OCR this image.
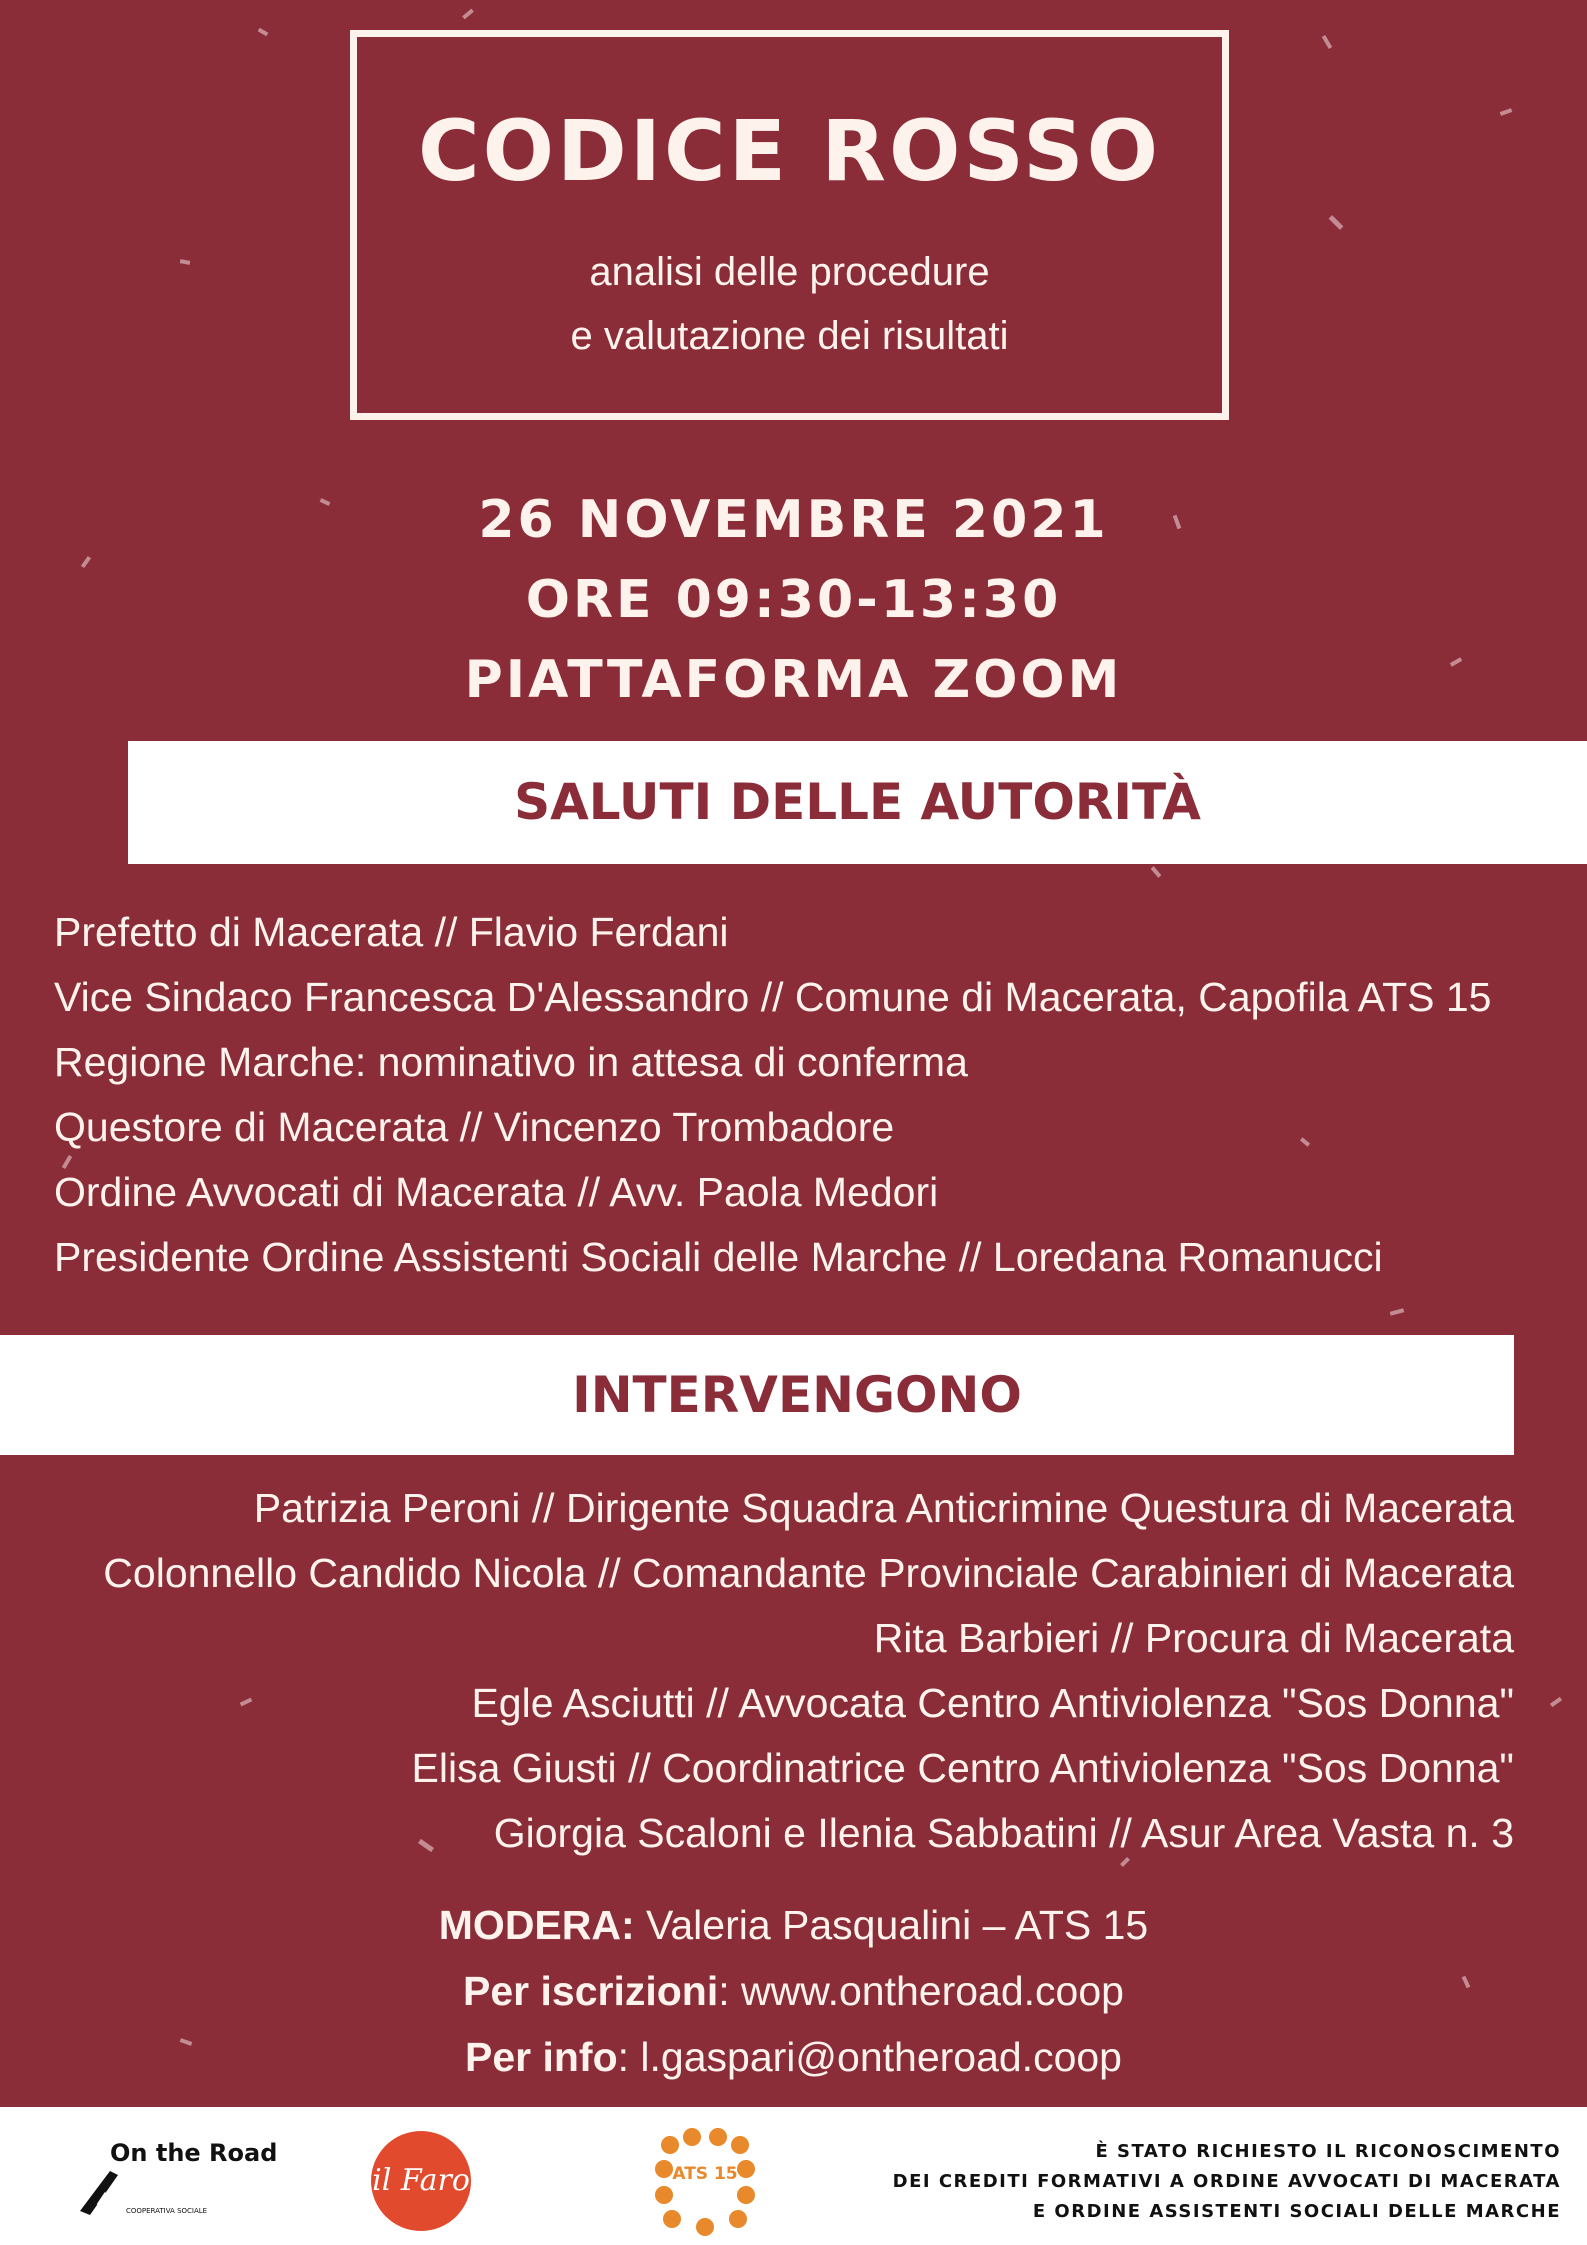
CODICE ROSSO
analisi delle procedure
e valutazione dei risultati
26 NOVEMBRE 2021
ORE 09:30-13:30
PIATTAFORMA ZOOM
SALUTI DELLE AUTORITÀ
Prefetto di Macerata // Flavio Ferdani
Vice Sindaco Francesca D'Alessandro // Comune di Macerata, Capofila ATS 15
Regione Marche: nominativo in attesa di conferma
Questore di Macerata // Vincenzo Trombadore
Ordine Avvocati di Macerata // Avv. Paola Medori
Presidente Ordine Assistenti Sociali delle Marche // Loredana Romanucci
INTERVENGONO
Patrizia Peroni // Dirigente Squadra Anticrimine Questura di Macerata
Colonnello Candido Nicola // Comandante Provinciale Carabinieri di Macerata
Rita Barbieri // Procura di Macerata
Egle Asciutti // Avvocata Centro Antiviolenza "Sos Donna"
Elisa Giusti // Coordinatrice Centro Antiviolenza "Sos Donna"
Giorgia Scaloni e Ilenia Sabbatini // Asur Area Vasta n. 3
MODERA: Valeria Pasqualini – ATS 15
Per iscrizioni: www.ontheroad.coop
Per info: l.gaspari@ontheroad.coop
On the Road
COOPERATIVA SOCIALE
il Faro	ATS 15
È STATO RICHIESTO IL RICONOSCIMENTO
DEI CREDITI FORMATIVI A ORDINE AVVOCATI DI MACERATA
E ORDINE ASSISTENTI SOCIALI DELLE MARCHE
